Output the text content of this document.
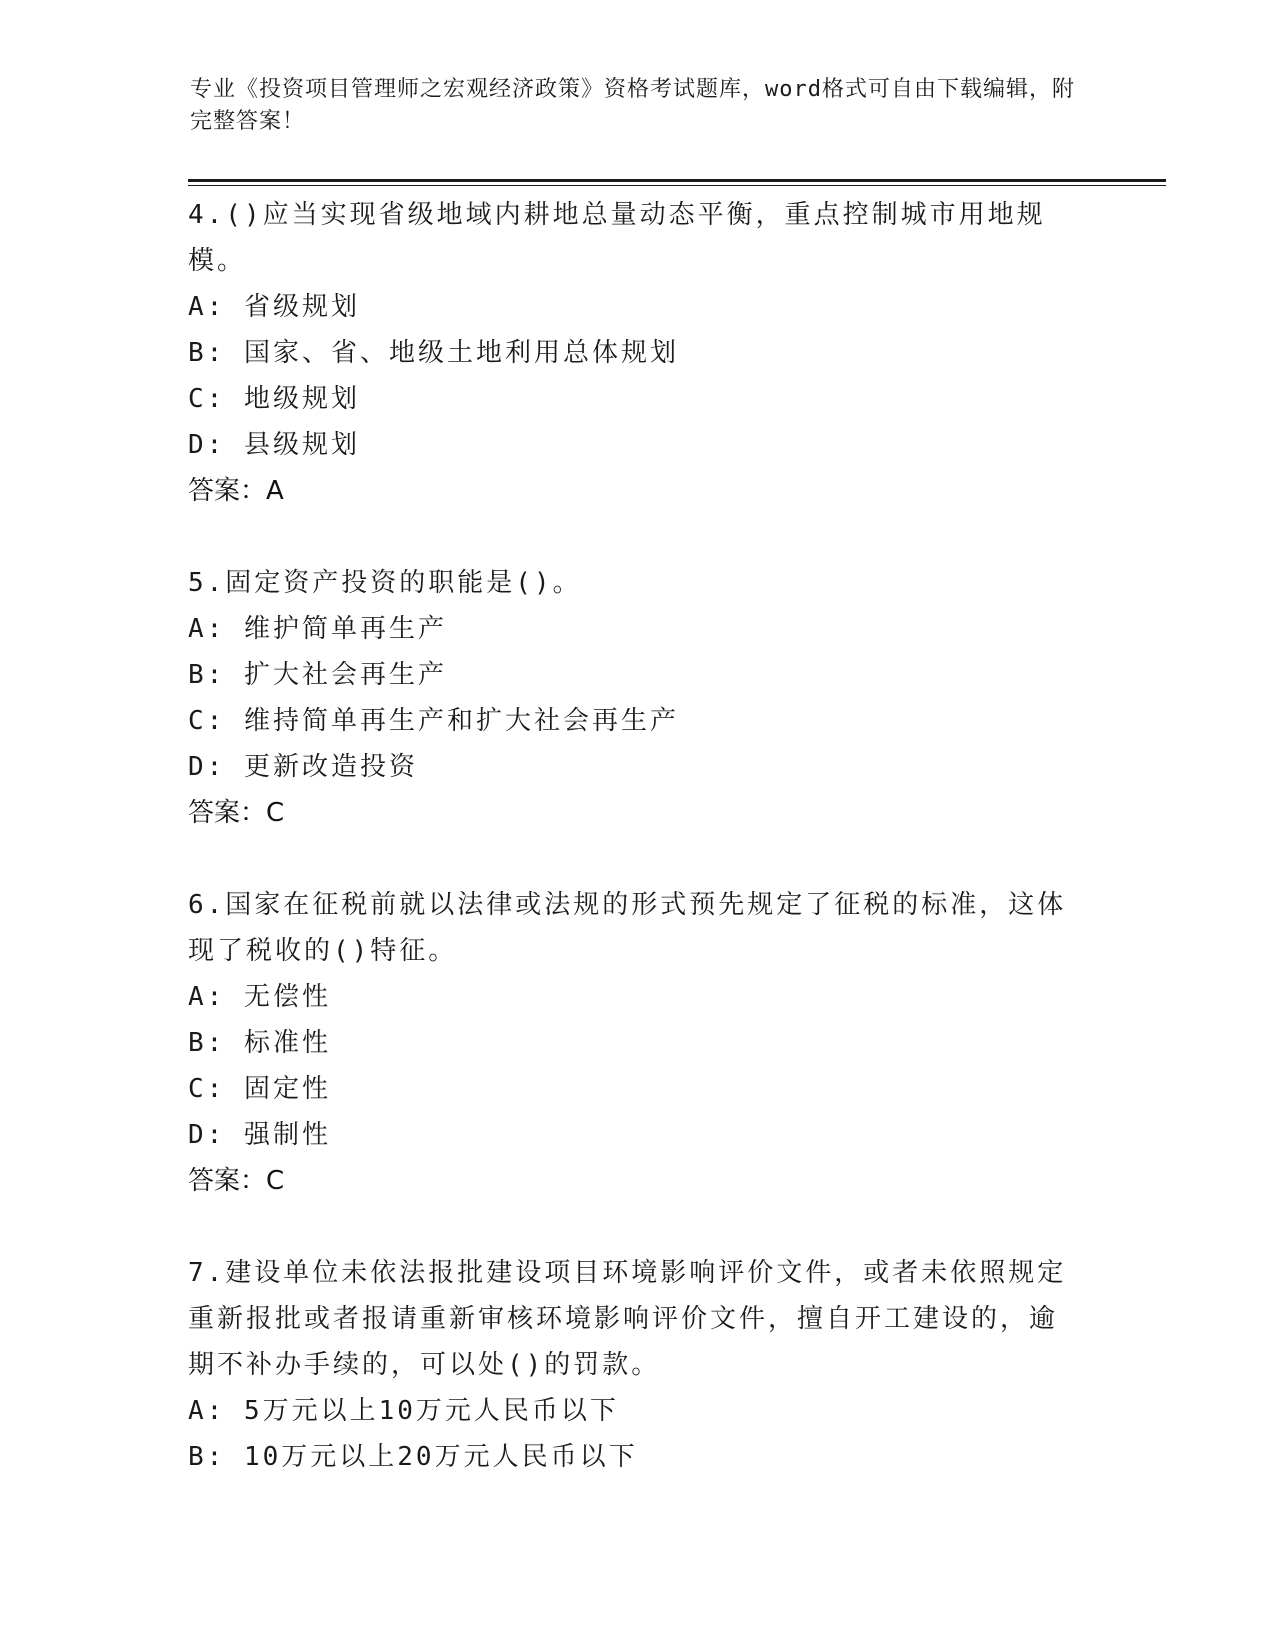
专业《投资项目管理师之宏观经济政策》资格考试题库，word格式可自由下载编辑，附完整答案！
4.()应当实现省级地域内耕地总量动态平衡，重点控制城市用地规模。
A: 省级规划
B: 国家、省、地级土地利用总体规划
C: 地级规划
D: 县级规划
答案：A
5.固定资产投资的职能是()。
A: 维护简单再生产
B: 扩大社会再生产
C: 维持简单再生产和扩大社会再生产
D: 更新改造投资
答案：C
6.国家在征税前就以法律或法规的形式预先规定了征税的标准，这体现了税收的()特征。
A: 无偿性
B: 标准性
C: 固定性
D: 强制性
答案：C
7.建设单位未依法报批建设项目环境影响评价文件，或者未依照规定重新报批或者报请重新审核环境影响评价文件，擅自开工建设的，逾期不补办手续的，可以处()的罚款。
A: 5万元以上10万元人民币以下
B: 10万元以上20万元人民币以下
